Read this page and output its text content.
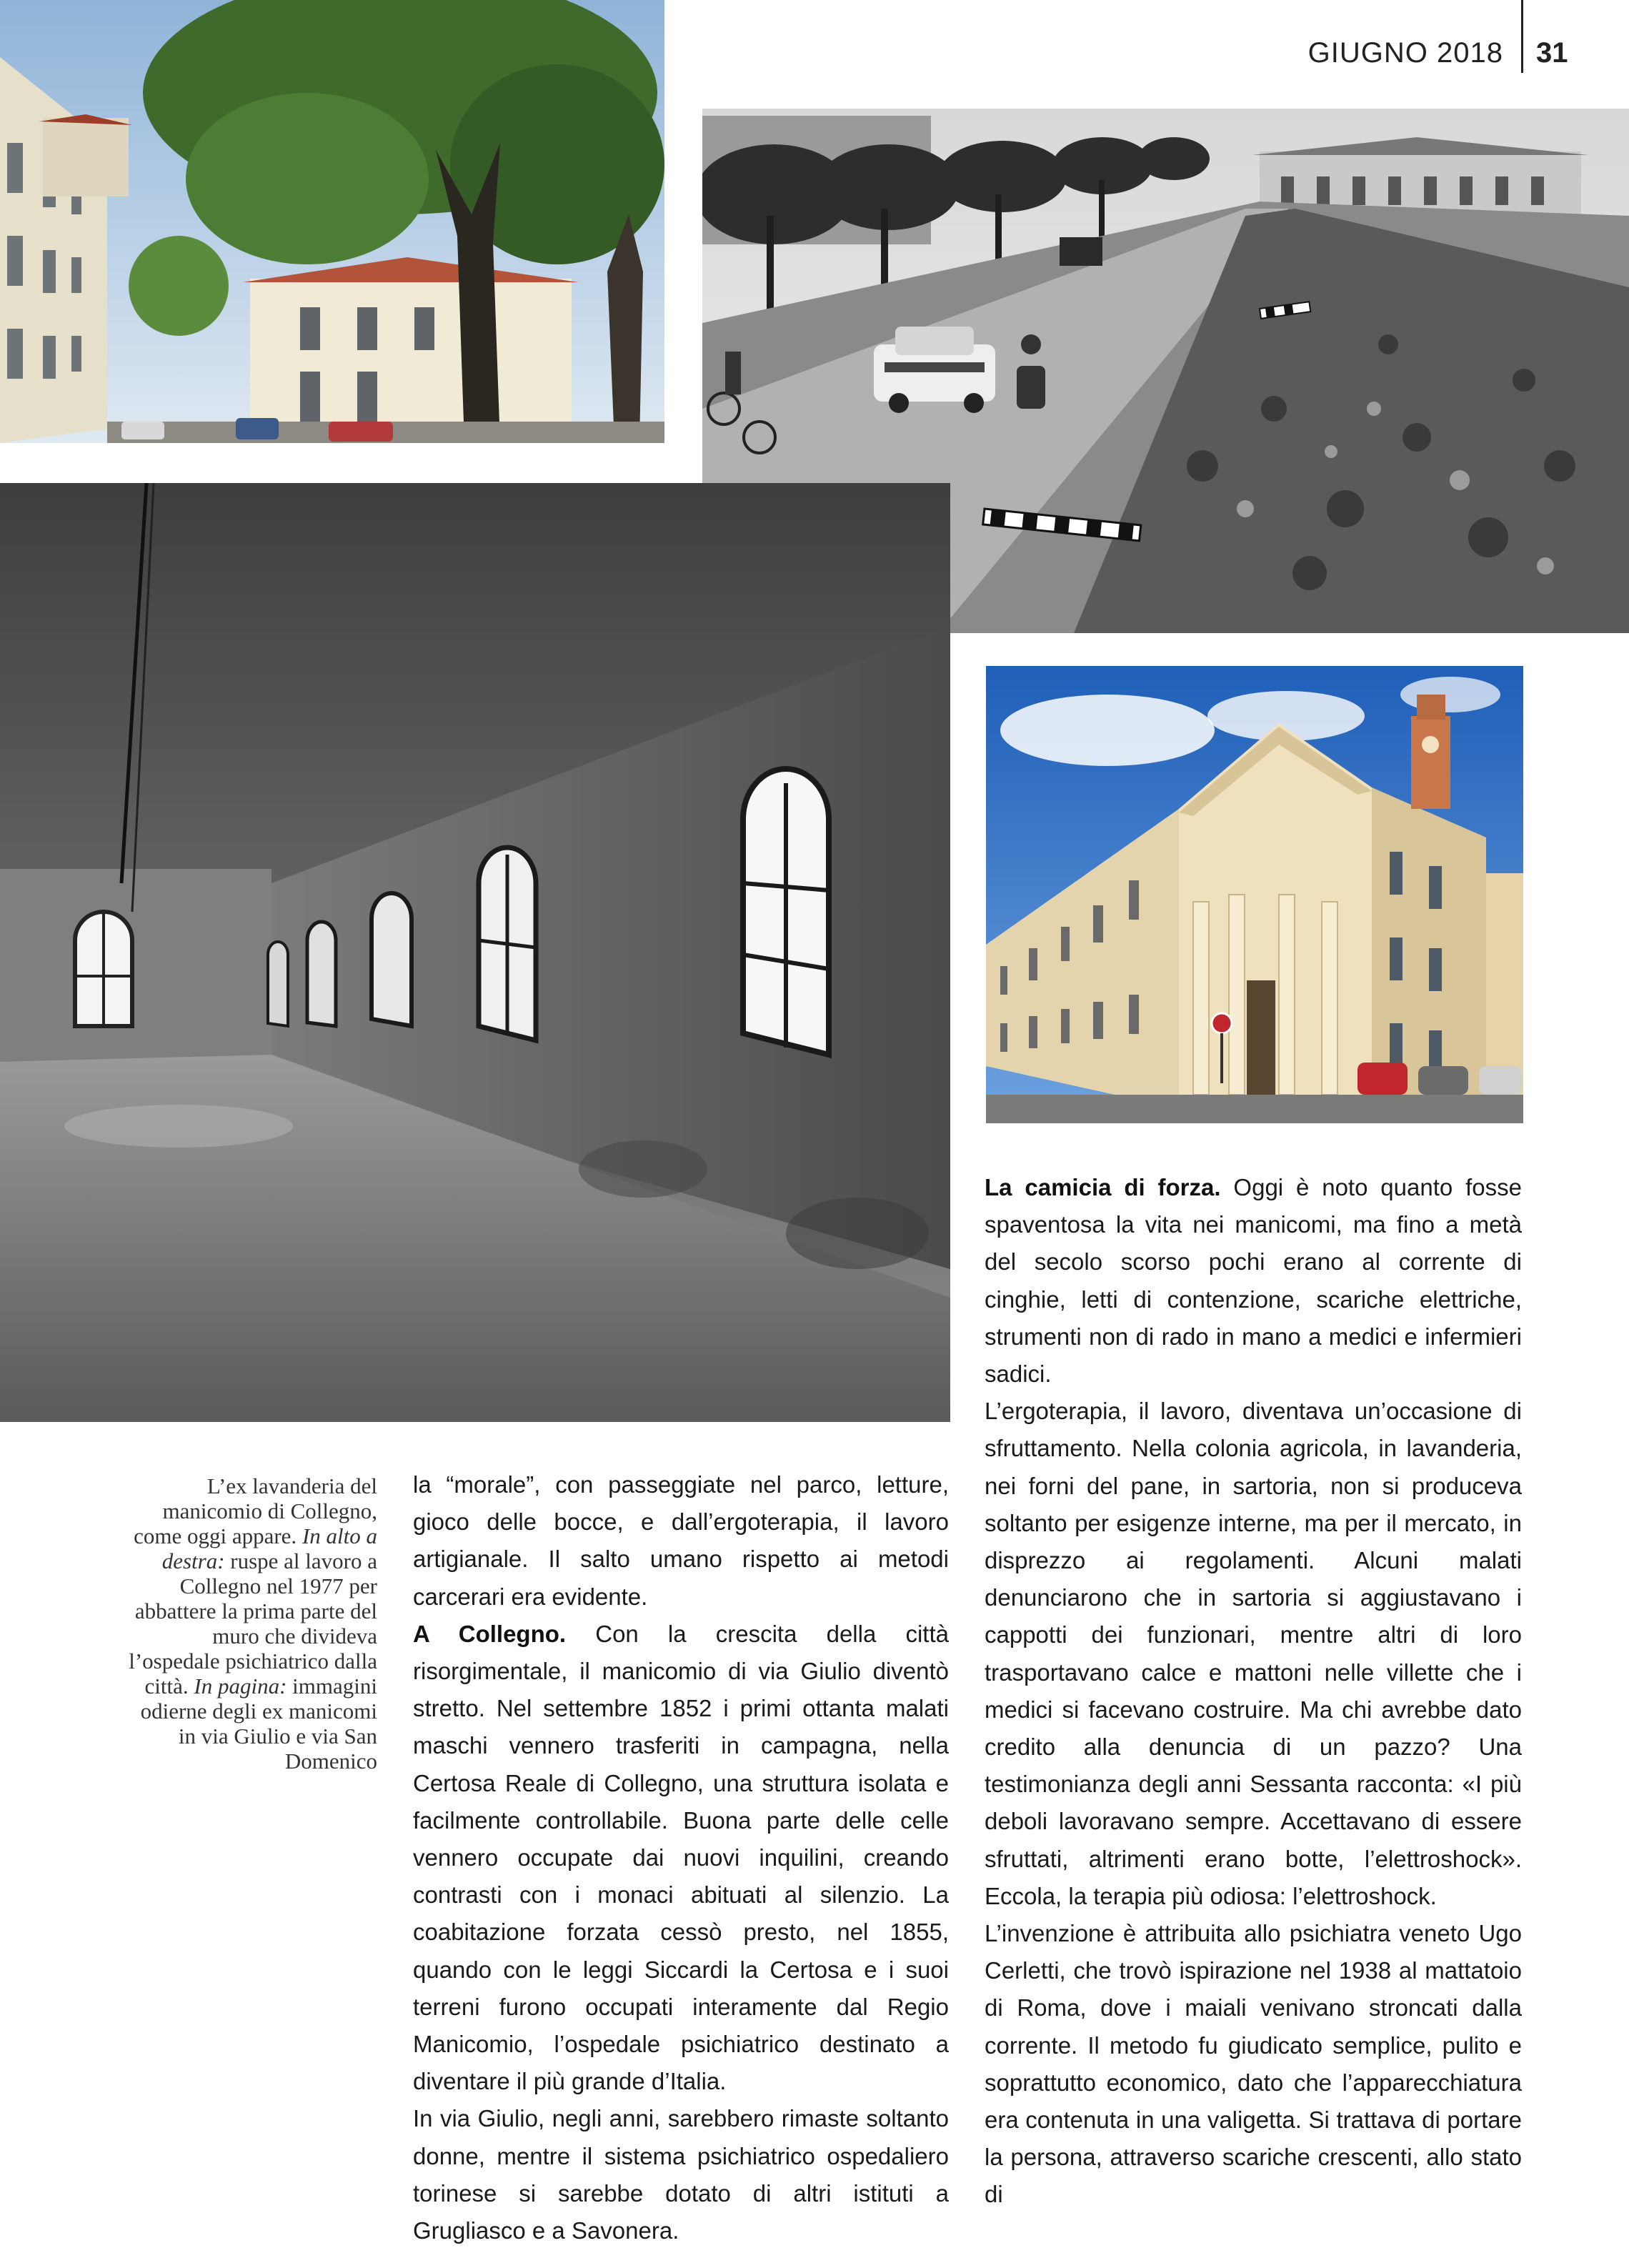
GIUGNO 2018 31
L’ex lavanderia del manicomio di Collegno, come oggi appare. In alto a destra: ruspe al lavoro a Collegno nel 1977 per abbattere la prima parte del muro che divideva l’ospedale psichiatrico dalla città. In pagina: immagini odierne degli ex manicomi in via Giulio e via San Domenico

la “morale”, con passeggiate nel parco, letture, gioco delle bocce, e dall’ergoterapia, il lavoro artigianale. Il salto umano rispetto ai metodi carcerari era evidente.

A Collegno. Con la crescita della città risorgimentale, il manicomio di via Giulio diventò stretto. Nel settembre 1852 i primi ottanta malati maschi vennero trasferiti in campagna, nella Certosa Reale di Collegno, una struttura isolata e facilmente controllabile. Buona parte delle celle vennero occupate dai nuovi inquilini, creando contrasti con i monaci abituati al silenzio. La coabitazione forzata cessò presto, nel 1855, quando con le leggi Siccardi la Certosa e i suoi terreni furono occupati interamente dal Regio Manicomio, l’ospedale psichiatrico destinato a diventare il più grande d’Italia.

In via Giulio, negli anni, sarebbero rimaste soltanto donne, mentre il sistema psichiatrico ospedaliero torinese si sarebbe dotato di altri istituti a Grugliasco e a Savonera.

La camicia di forza. Oggi è noto quanto fosse spaventosa la vita nei manicomi, ma fino a metà del secolo scorso pochi erano al corrente di cinghie, letti di contenzione, scariche elettriche, strumenti non di rado in mano a medici e infermieri sadici.

L’ergoterapia, il lavoro, diventava un’occasione di sfruttamento. Nella colonia agricola, in lavanderia, nei forni del pane, in sartoria, non si produceva soltanto per esigenze interne, ma per il mercato, in disprezzo ai regolamenti. Alcuni malati denunciarono che in sartoria si aggiustavano i cappotti dei funzionari, mentre altri di loro trasportavano calce e mattoni nelle villette che i medici si facevano costruire. Ma chi avrebbe dato credito alla denuncia di un pazzo? Una testimonianza degli anni Sessanta racconta: «I più deboli lavoravano sempre. Accettavano di essere sfruttati, altrimenti erano botte, l’elettroshock». Eccola, la terapia più odiosa: l’elettroshock.

L’invenzione è attribuita allo psichiatra veneto Ugo Cerletti, che trovò ispirazione nel 1938 al mattatoio di Roma, dove i maiali venivano stroncati dalla corrente. Il metodo fu giudicato semplice, pulito e soprattutto economico, dato che l’apparecchiatura era contenuta in una valigetta. Si trattava di portare la persona, attraverso scariche crescenti, allo stato di
